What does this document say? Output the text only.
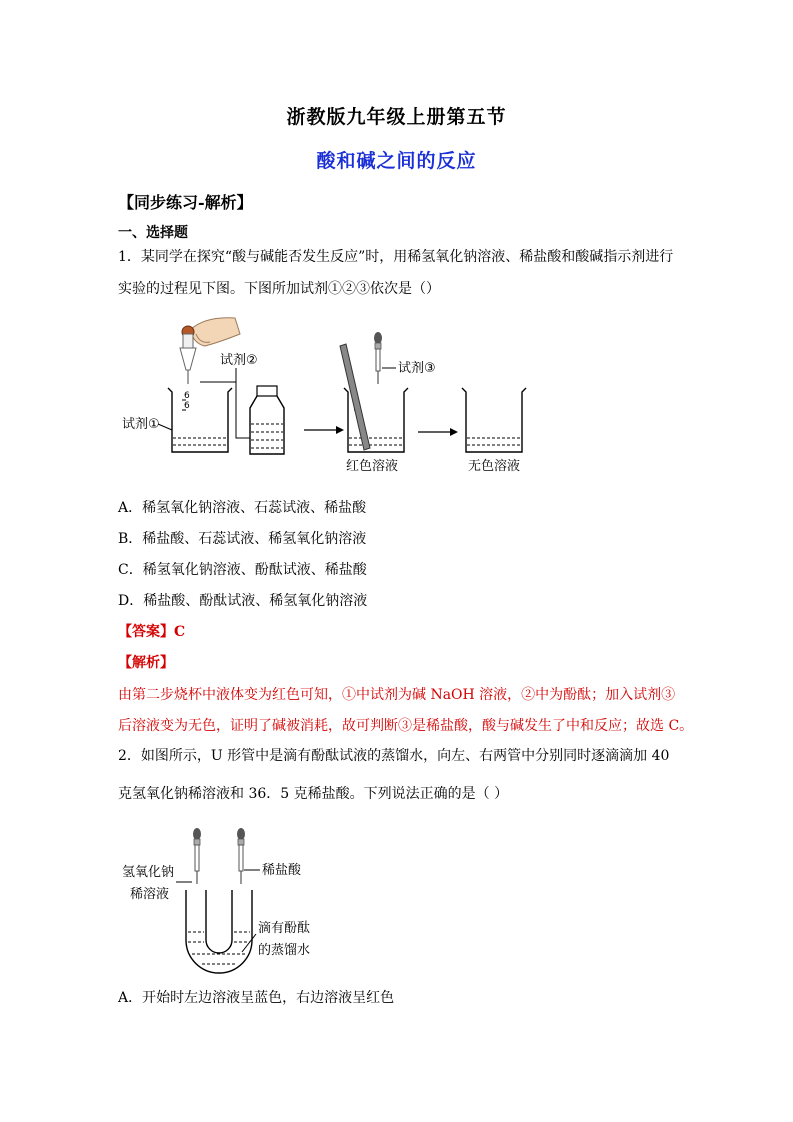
浙教版九年级上册第五节
酸和碱之间的反应
【同步练习-解析】
一、选择题
1．某同学在探究“酸与碱能否发生反应”时，用稀氢氧化钠溶液、稀盐酸和酸碱指示剂进行
实验的过程见下图。下图所加试剂①②③依次是（）
6
6
试剂①
试剂②
试剂③
红色溶液	无色溶液
A．稀氢氧化钠溶液、石蕊试液、稀盐酸
B．稀盐酸、石蕊试液、稀氢氧化钠溶液
C．稀氢氧化钠溶液、酚酞试液、稀盐酸
D．稀盐酸、酚酞试液、稀氢氧化钠溶液
【答案】C
【解析】
由第二步烧杯中液体变为红色可知，①中试剂为碱 NaOH 溶液，②中为酚酞；加入试剂③
后溶液变为无色，证明了碱被消耗，故可判断③是稀盐酸，酸与碱发生了中和反应；故选 C。
2．如图所示，U 形管中是滴有酚酞试液的蒸馏水，向左、右两管中分别同时逐滴滴加 40
克氢氧化钠稀溶液和 36．5 克稀盐酸。下列说法正确的是（ ）
氢氧化钠
稀溶液
稀盐酸
滴有酚酞
的蒸馏水
A．开始时左边溶液呈蓝色，右边溶液呈红色
